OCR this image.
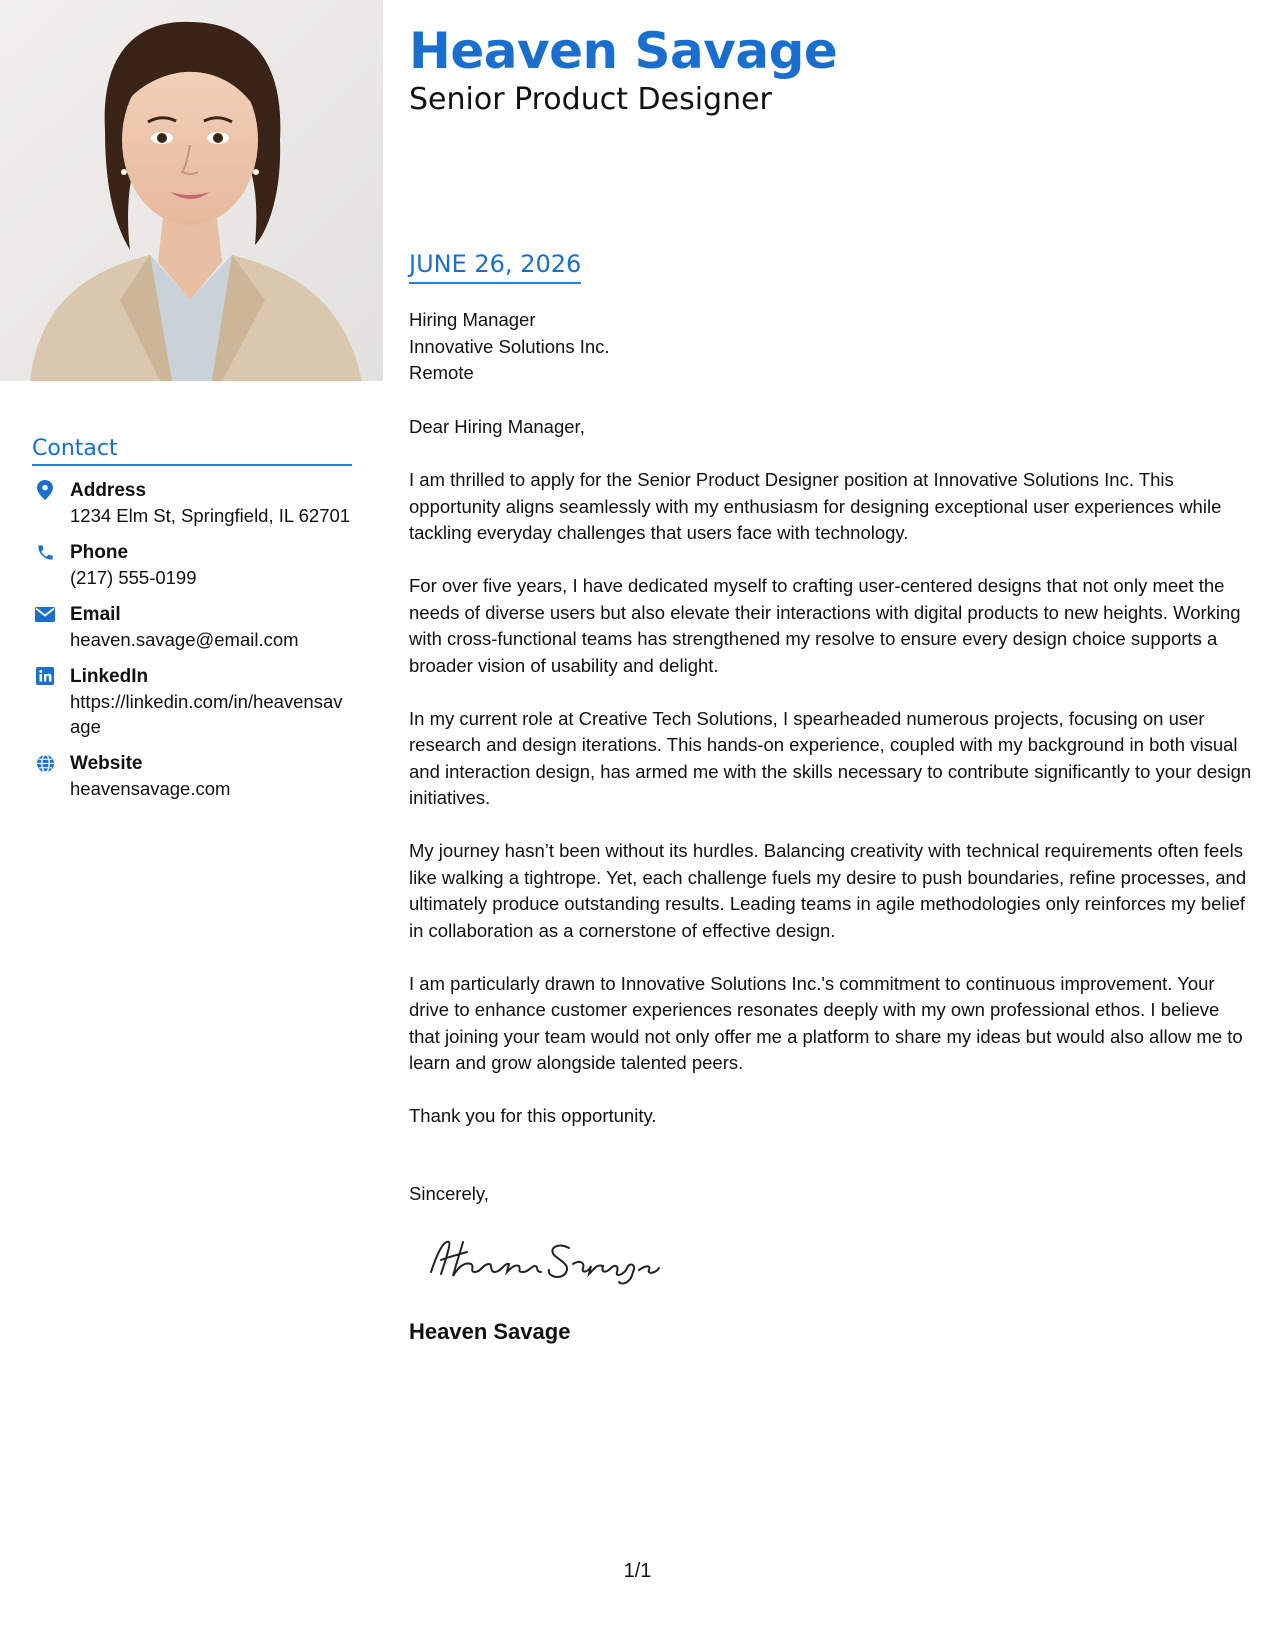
Contact
Address
1234 Elm St, Springfield, IL 62701
Phone
(217) 555-0199
Email
heaven.savage@email.com
LinkedIn
https://linkedin.com/in/heavensavage
Website
heavensavage.com
Heaven Savage
Senior Product Designer
JUNE 26, 2026
Hiring Manager
Innovative Solutions Inc.
Remote

Dear Hiring Manager,

I am thrilled to apply for the Senior Product Designer position at Innovative Solutions Inc. This opportunity aligns seamlessly with my enthusiasm for designing exceptional user experiences while tackling everyday challenges that users face with technology.

For over five years, I have dedicated myself to crafting user-centered designs that not only meet the needs of diverse users but also elevate their interactions with digital products to new heights. Working with cross-functional teams has strengthened my resolve to ensure every design choice supports a broader vision of usability and delight.

In my current role at Creative Tech Solutions, I spearheaded numerous projects, focusing on user research and design iterations. This hands-on experience, coupled with my background in both visual and interaction design, has armed me with the skills necessary to contribute significantly to your design initiatives.

My journey hasn’t been without its hurdles. Balancing creativity with technical requirements often feels like walking a tightrope. Yet, each challenge fuels my desire to push boundaries, refine processes, and ultimately produce outstanding results. Leading teams in agile methodologies only reinforces my belief in collaboration as a cornerstone of effective design.

I am particularly drawn to Innovative Solutions Inc.'s commitment to continuous improvement. Your drive to enhance customer experiences resonates deeply with my own professional ethos. I believe that joining your team would not only offer me a platform to share my ideas but would also allow me to learn and grow alongside talented peers.

Thank you for this opportunity.

Sincerely,
Heaven Savage
1/1
